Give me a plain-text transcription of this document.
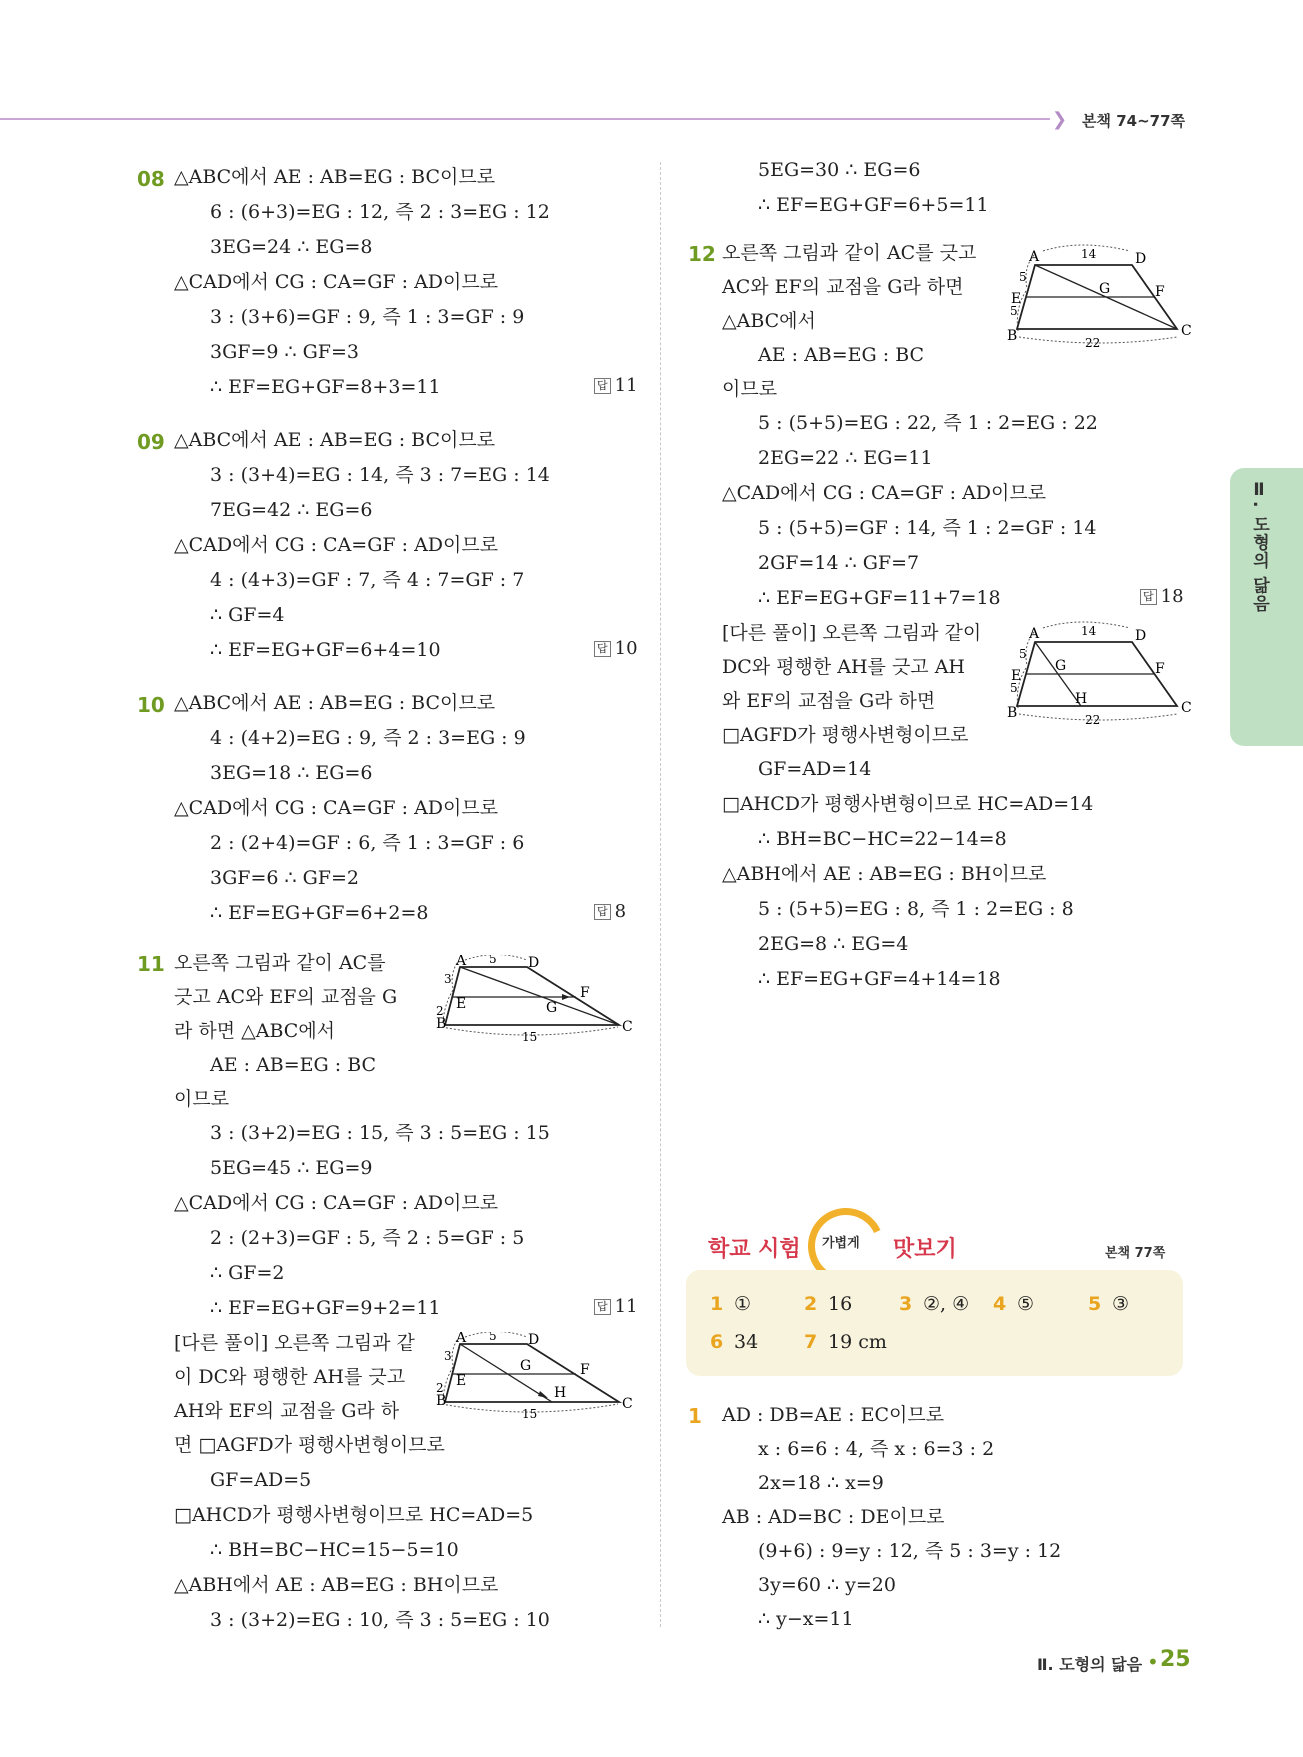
❯ 본책 74~77쪽
Ⅱ. 도형의 닮음
08 △ABC에서 AE : AB=EG : BC이므로
6 : (6+3)=EG : 12, 즉 2 : 3=EG : 12
3EG=24 ∴ EG=8
△CAD에서 CG : CA=GF : AD이므로
3 : (3+6)=GF : 9, 즉 1 : 3=GF : 9
3GF=9 ∴ GF=3
∴ EF=EG+GF=8+3=11	답 11
09 △ABC에서 AE : AB=EG : BC이므로
3 : (3+4)=EG : 14, 즉 3 : 7=EG : 14
7EG=42 ∴ EG=6
△CAD에서 CG : CA=GF : AD이므로
4 : (4+3)=GF : 7, 즉 4 : 7=GF : 7
∴ GF=4
∴ EF=EG+GF=6+4=10	답 10
10 △ABC에서 AE : AB=EG : BC이므로
4 : (4+2)=EG : 9, 즉 2 : 3=EG : 9
3EG=18 ∴ EG=6
△CAD에서 CG : CA=GF : AD이므로
2 : (2+4)=GF : 6, 즉 1 : 3=GF : 6
3GF=6 ∴ GF=2
∴ EF=EG+GF=6+2=8	답 8
11 오른쪽 그림과 같이 AC를
긋고 AC와 EF의 교점을 G
라 하면 △ABC에서
AE : AB=EG : BC
이므로
3 : (3+2)=EG : 15, 즉 3 : 5=EG : 15
5EG=45 ∴ EG=9
△CAD에서 CG : CA=GF : AD이므로
2 : (2+3)=GF : 5, 즉 2 : 5=GF : 5
∴ GF=2
∴ EF=EG+GF=9+2=11	답 11
[다른 풀이] 오른쪽 그림과 같
이 DC와 평행한 AH를 긋고
AH와 EF의 교점을 G라 하
면 □AGFD가 평행사변형이므로
GF=AD=5
□AHCD가 평행사변형이므로 HC=AD=5
∴ BH=BC−HC=15−5=10
△ABH에서 AE : AB=EG : BH이므로
3 : (3+2)=EG : 10, 즉 3 : 5=EG : 10
A	D
B	C
E
F
G
5
15
3
2
A	D
B	C
E
F
G
H
5
15
3
2
12
5EG=30 ∴ EG=6
∴ EF=EG+GF=6+5=11
오른쪽 그림과 같이 AC를 긋고
AC와 EF의 교점을 G라 하면
△ABC에서
AE : AB=EG : BC
이므로
5 : (5+5)=EG : 22, 즉 1 : 2=EG : 22
2EG=22 ∴ EG=11
△CAD에서 CG : CA=GF : AD이므로
5 : (5+5)=GF : 14, 즉 1 : 2=GF : 14
2GF=14 ∴ GF=7
∴ EF=EG+GF=11+7=18	답 18
[다른 풀이] 오른쪽 그림과 같이
DC와 평행한 AH를 긋고 AH
와 EF의 교점을 G라 하면
□AGFD가 평행사변형이므로
GF=AD=14
□AHCD가 평행사변형이므로 HC=AD=14
∴ BH=BC−HC=22−14=8
△ABH에서 AE : AB=EG : BH이므로
5 : (5+5)=EG : 8, 즉 1 : 2=EG : 8
2EG=8 ∴ EG=4
∴ EF=EG+GF=4+14=18
A	D
B	C
E	F
G
14
22
5
5
A	D
B	C
E	F
G
H
14
22
5
5
학교 시험 가볍게 맛보기	본책 77쪽
1 ①	2 16 3 ②, ④ 4 ⑤	5 ③
6 34 7 19 cm
1 AD : DB=AE : EC이므로
x : 6=6 : 4, 즉 x : 6=3 : 2
2x=18 ∴ x=9
AB : AD=BC : DE이므로
(9+6) : 9=y : 12, 즉 5 : 3=y : 12
3y=60 ∴ y=20
∴ y−x=11
Ⅱ. 도형의 닮음 • 25
